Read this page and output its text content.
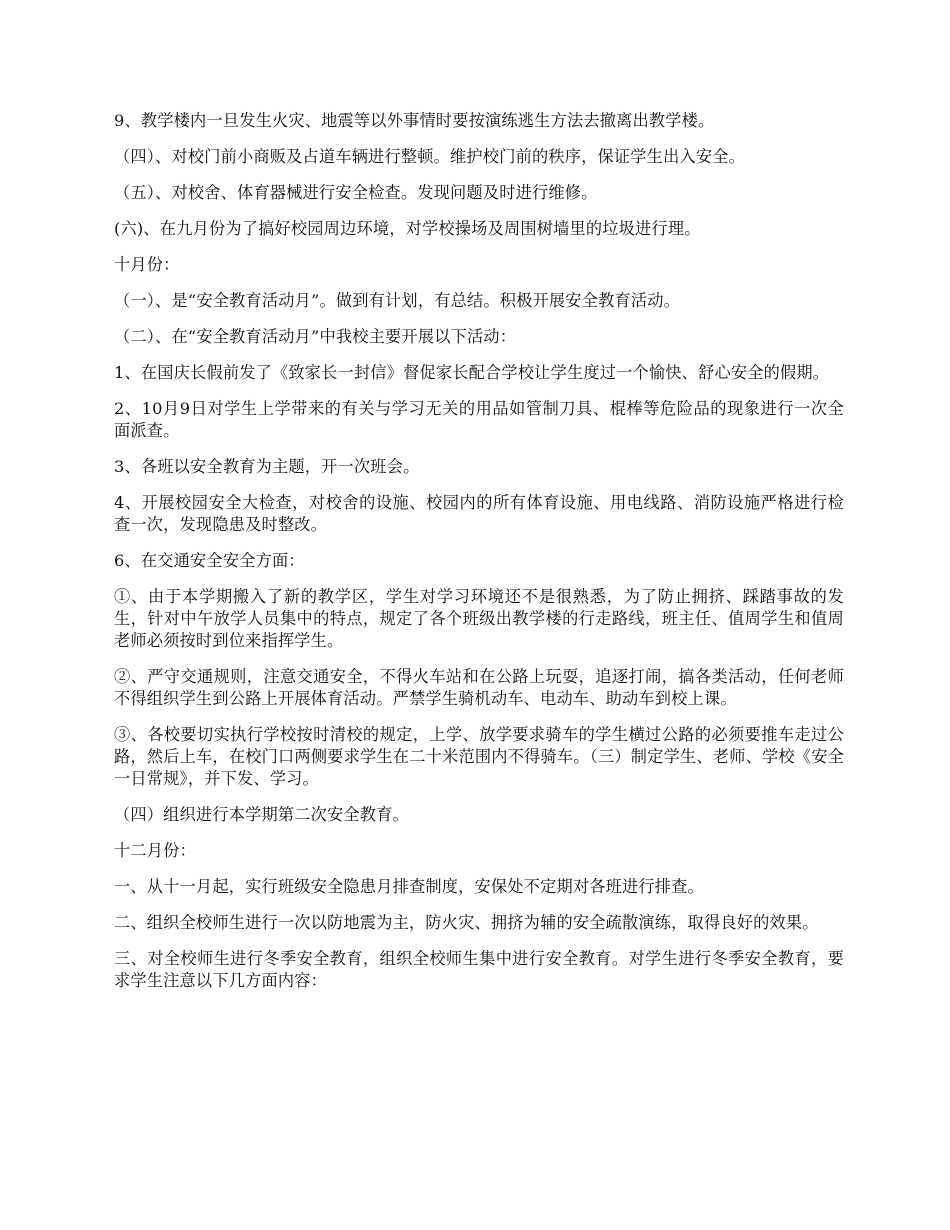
9、教学楼内一旦发生火灾、地震等以外事情时要按演练逃生方法去撤离出教学楼。

（四）、对校门前小商贩及占道车辆进行整顿。维护校门前的秩序，保证学生出入安全。

（五）、对校舍、体育器械进行安全检查。发现问题及时进行维修。

(六)、在九月份为了搞好校园周边环境，对学校操场及周围树墙里的垃圾进行理。

十月份：

（一）、是“安全教育活动月”。做到有计划，有总结。积极开展安全教育活动。

（二）、在“安全教育活动月”中我校主要开展以下活动：

1、在国庆长假前发了《致家长一封信》督促家长配合学校让学生度过一个愉快、舒心安全的假期。

2、10月9日对学生上学带来的有关与学习无关的用品如管制刀具、棍棒等危险品的现象进行一次全面派查。

3、各班以安全教育为主题，开一次班会。

4、开展校园安全大检查，对校舍的设施、校园内的所有体育设施、用电线路、消防设施严格进行检查一次，发现隐患及时整改。

6、在交通安全安全方面：

①、由于本学期搬入了新的教学区，学生对学习环境还不是很熟悉，为了防止拥挤、踩踏事故的发生，针对中午放学人员集中的特点，规定了各个班级出教学楼的行走路线，班主任、值周学生和值周老师必须按时到位来指挥学生。

②、严守交通规则，注意交通安全，不得火车站和在公路上玩耍，追逐打闹，搞各类活动，任何老师不得组织学生到公路上开展体育活动。严禁学生骑机动车、电动车、助动车到校上课。

③、各校要切实执行学校按时清校的规定，上学、放学要求骑车的学生横过公路的必须要推车走过公路，然后上车，在校门口两侧要求学生在二十米范围内不得骑车。（三）制定学生、老师、学校《安全一日常规》，并下发、学习。

（四）组织进行本学期第二次安全教育。

十二月份：

一、从十一月起，实行班级安全隐患月排查制度，安保处不定期对各班进行排查。

二、组织全校师生进行一次以防地震为主，防火灾、拥挤为辅的安全疏散演练，取得良好的效果。

三、对全校师生进行冬季安全教育，组织全校师生集中进行安全教育。对学生进行冬季安全教育，要求学生注意以下几方面内容：
